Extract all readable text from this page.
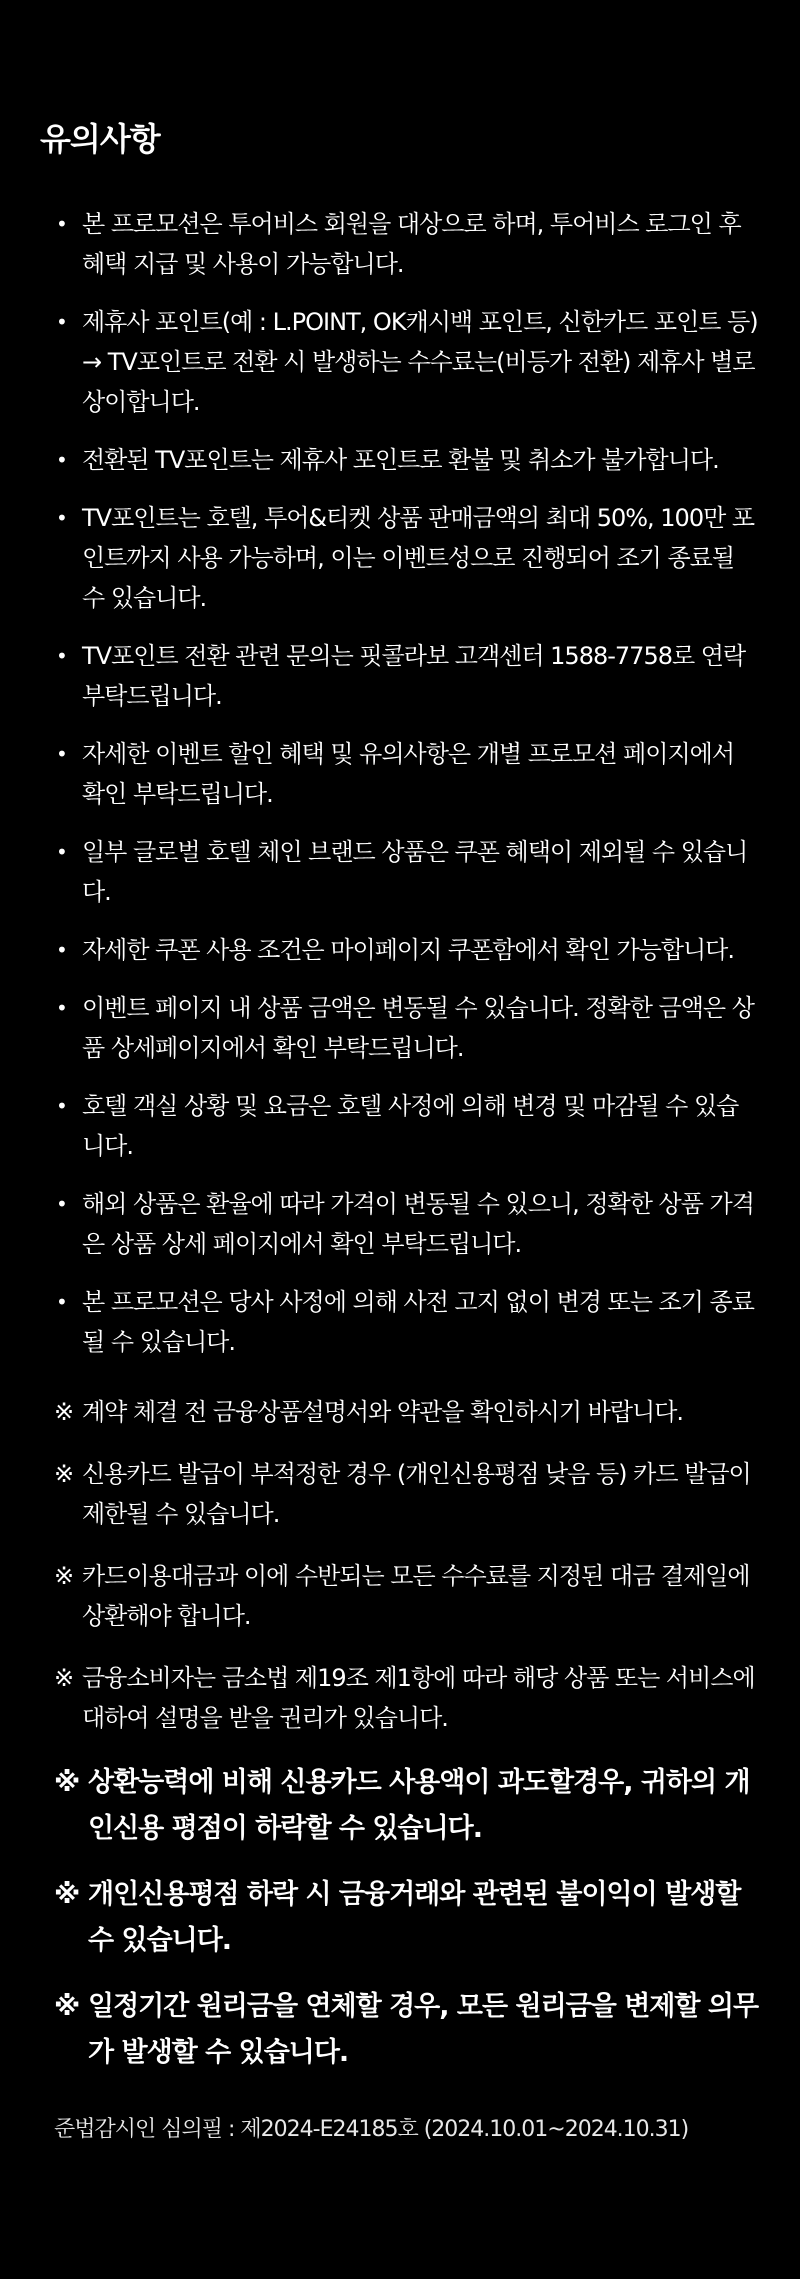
유의사항
• 본 프로모션은 투어비스 회원을 대상으로 하며, 투어비스 로그인 후 혜택 지급 및 사용이 가능합니다.
• 제휴사 포인트(예 : L.POINT, OK캐시백 포인트, 신한카드 포인트 등) → TV포인트로 전환 시 발생하는 수수료는(비등가 전환) 제휴사 별로 상이합니다.
• 전환된 TV포인트는 제휴사 포인트로 환불 및 취소가 불가합니다.
• TV포인트는 호텔, 투어&티켓 상품 판매금액의 최대 50%, 100만 포인트까지 사용 가능하며, 이는 이벤트성으로 진행되어 조기 종료될 수 있습니다.
• TV포인트 전환 관련 문의는 핏콜라보 고객센터 1588-7758로 연락 부탁드립니다.
• 자세한 이벤트 할인 혜택 및 유의사항은 개별 프로모션 페이지에서 확인 부탁드립니다.
• 일부 글로벌 호텔 체인 브랜드 상품은 쿠폰 혜택이 제외될 수 있습니다.
• 자세한 쿠폰 사용 조건은 마이페이지 쿠폰함에서 확인 가능합니다.
• 이벤트 페이지 내 상품 금액은 변동될 수 있습니다. 정확한 금액은 상품 상세페이지에서 확인 부탁드립니다.
• 호텔 객실 상황 및 요금은 호텔 사정에 의해 변경 및 마감될 수 있습니다.
• 해외 상품은 환율에 따라 가격이 변동될 수 있으니, 정확한 상품 가격은 상품 상세 페이지에서 확인 부탁드립니다.
• 본 프로모션은 당사 사정에 의해 사전 고지 없이 변경 또는 조기 종료될 수 있습니다.
※ 계약 체결 전 금융상품설명서와 약관을 확인하시기 바랍니다.
※ 신용카드 발급이 부적정한 경우 (개인신용평점 낮음 등) 카드 발급이 제한될 수 있습니다.
※ 카드이용대금과 이에 수반되는 모든 수수료를 지정된 대금 결제일에 상환해야 합니다.
※ 금융소비자는 금소법 제19조 제1항에 따라 해당 상품 또는 서비스에 대하여 설명을 받을 권리가 있습니다.
※ 상환능력에 비해 신용카드 사용액이 과도할경우, 귀하의 개인신용 평점이 하락할 수 있습니다.
※ 개인신용평점 하락 시 금융거래와 관련된 불이익이 발생할 수 있습니다.
※ 일정기간 원리금을 연체할 경우, 모든 원리금을 변제할 의무가 발생할 수 있습니다.
준법감시인 심의필 : 제2024-E24185호 (2024.10.01~2024.10.31)
